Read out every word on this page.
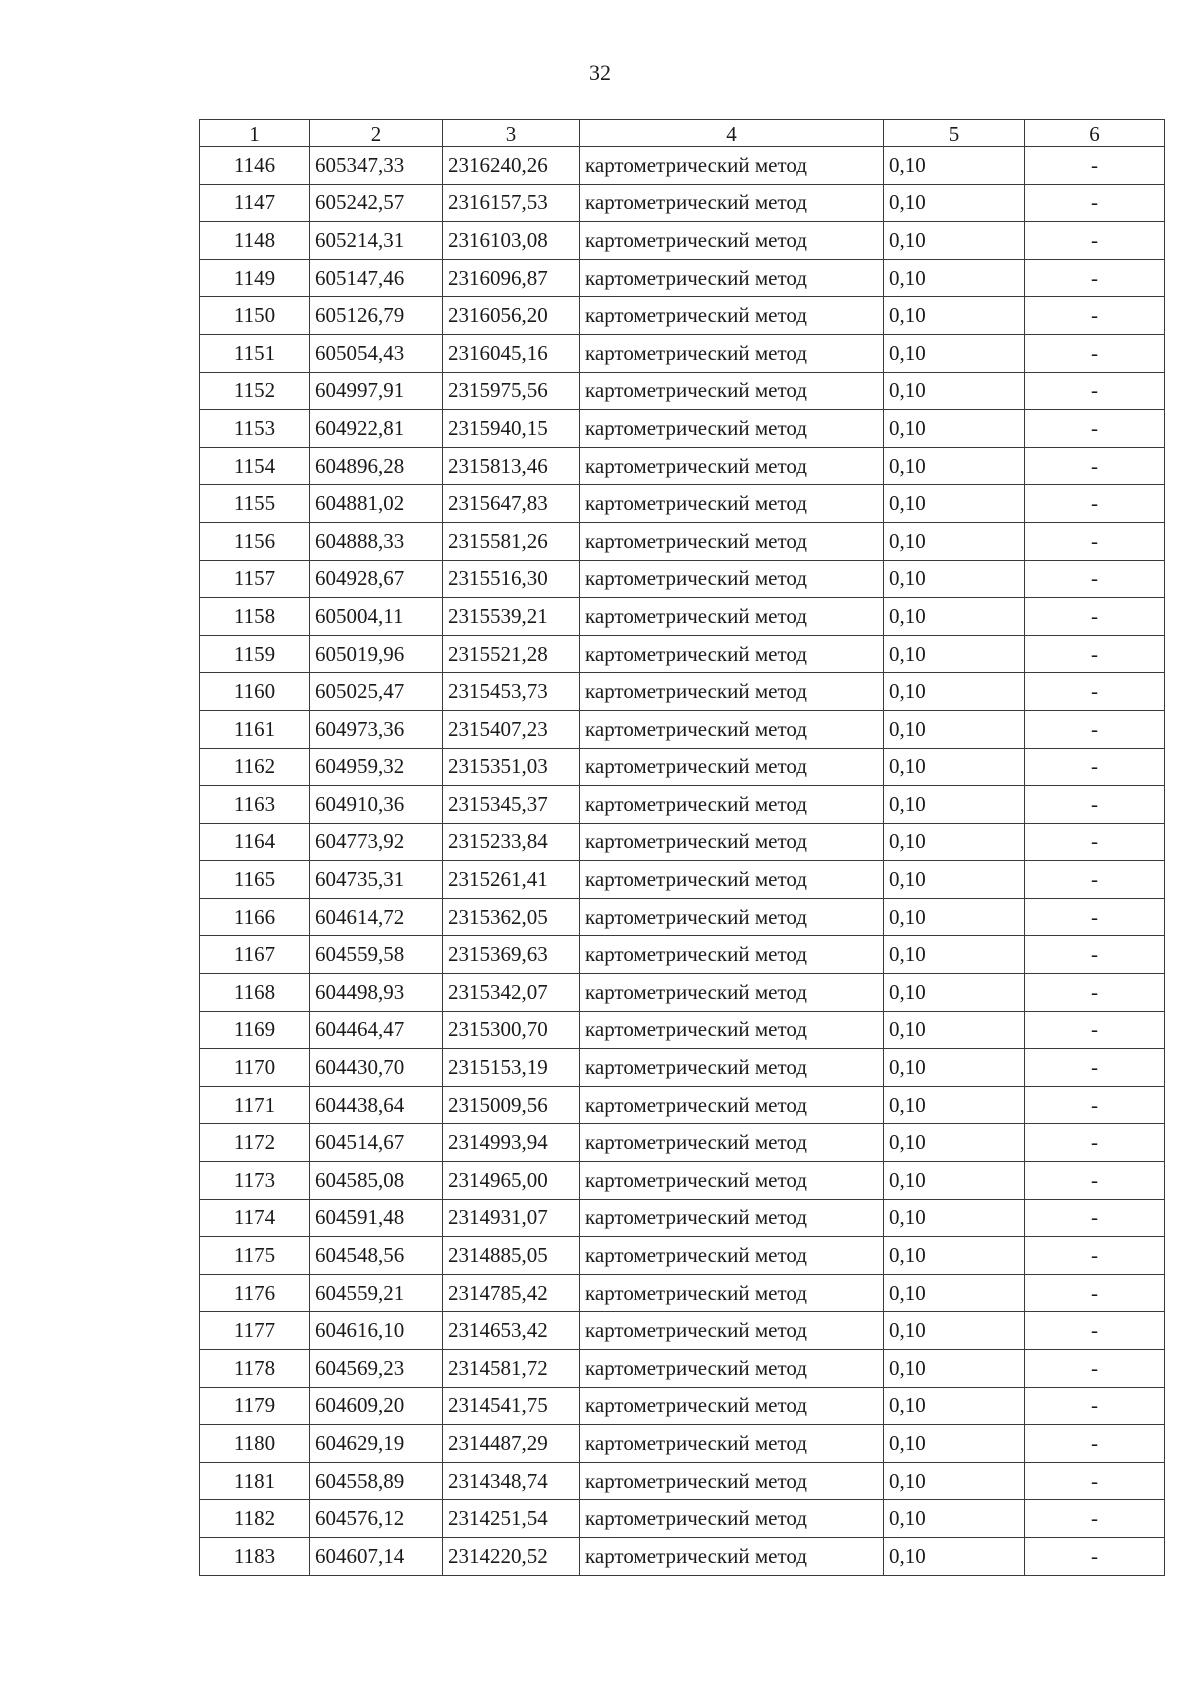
32
1	2	3	4	5	6
1146	605347,33	2316240,26	картометрический метод	0,10	-
1147	605242,57	2316157,53	картометрический метод	0,10	-
1148	605214,31	2316103,08	картометрический метод	0,10	-
1149	605147,46	2316096,87	картометрический метод	0,10	-
1150	605126,79	2316056,20	картометрический метод	0,10	-
1151	605054,43	2316045,16	картометрический метод	0,10	-
1152	604997,91	2315975,56	картометрический метод	0,10	-
1153	604922,81	2315940,15	картометрический метод	0,10	-
1154	604896,28	2315813,46	картометрический метод	0,10	-
1155	604881,02	2315647,83	картометрический метод	0,10	-
1156	604888,33	2315581,26	картометрический метод	0,10	-
1157	604928,67	2315516,30	картометрический метод	0,10	-
1158	605004,11	2315539,21	картометрический метод	0,10	-
1159	605019,96	2315521,28	картометрический метод	0,10	-
1160	605025,47	2315453,73	картометрический метод	0,10	-
1161	604973,36	2315407,23	картометрический метод	0,10	-
1162	604959,32	2315351,03	картометрический метод	0,10	-
1163	604910,36	2315345,37	картометрический метод	0,10	-
1164	604773,92	2315233,84	картометрический метод	0,10	-
1165	604735,31	2315261,41	картометрический метод	0,10	-
1166	604614,72	2315362,05	картометрический метод	0,10	-
1167	604559,58	2315369,63	картометрический метод	0,10	-
1168	604498,93	2315342,07	картометрический метод	0,10	-
1169	604464,47	2315300,70	картометрический метод	0,10	-
1170	604430,70	2315153,19	картометрический метод	0,10	-
1171	604438,64	2315009,56	картометрический метод	0,10	-
1172	604514,67	2314993,94	картометрический метод	0,10	-
1173	604585,08	2314965,00	картометрический метод	0,10	-
1174	604591,48	2314931,07	картометрический метод	0,10	-
1175	604548,56	2314885,05	картометрический метод	0,10	-
1176	604559,21	2314785,42	картометрический метод	0,10	-
1177	604616,10	2314653,42	картометрический метод	0,10	-
1178	604569,23	2314581,72	картометрический метод	0,10	-
1179	604609,20	2314541,75	картометрический метод	0,10	-
1180	604629,19	2314487,29	картометрический метод	0,10	-
1181	604558,89	2314348,74	картометрический метод	0,10	-
1182	604576,12	2314251,54	картометрический метод	0,10	-
1183	604607,14	2314220,52	картометрический метод	0,10	-
